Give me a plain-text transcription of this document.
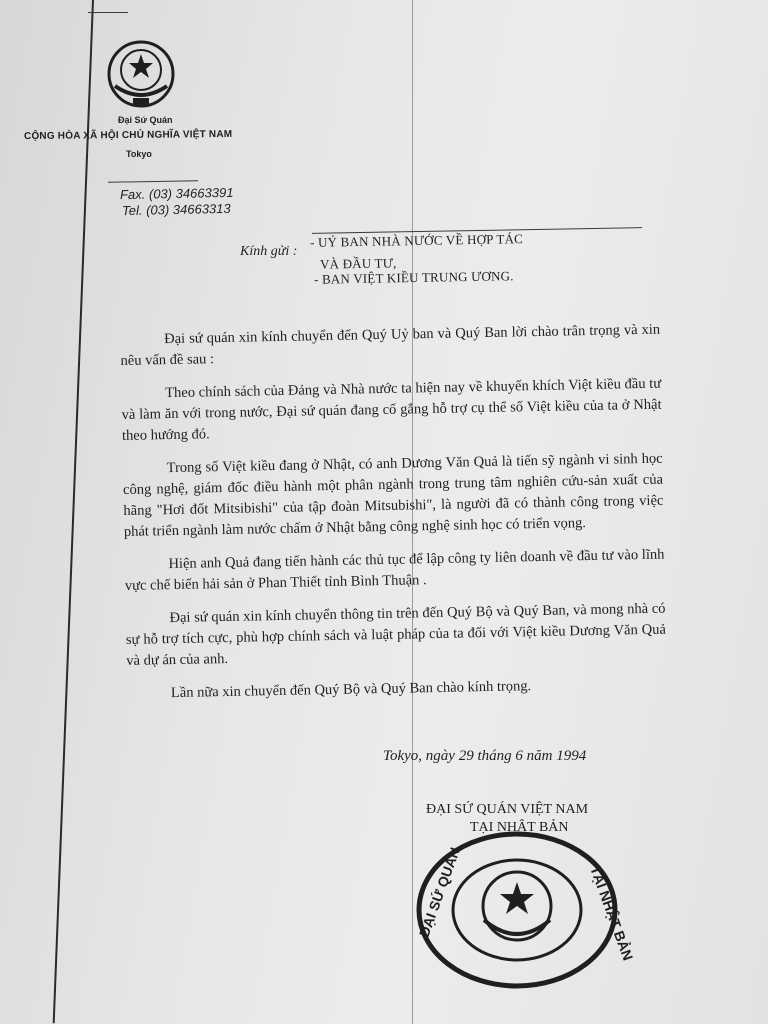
Đại Sứ Quán
CỘNG HÒA XÃ HỘI CHỦ NGHĨA VIỆT NAM
Tokyo
Fax. (03) 34663391
Tel. (03) 34663313
Kính gửi :
- UỶ BAN NHÀ NƯỚC VỀ HỢP TÁC
VÀ ĐẦU TƯ,
- BAN VIỆT KIỀU TRUNG ƯƠNG.

Đại sứ quán xin kính chuyển đến Quý Uỷ ban và Quý Ban lời chào trân trọng và xin nêu vấn đề sau :

Theo chính sách của Đảng và Nhà nước ta hiện nay về khuyến khích Việt kiều đầu tư và làm ăn với trong nước, Đại sứ quán đang cố gắng hỗ trợ cụ thể số Việt kiều của ta ở Nhật theo hướng đó.

Trong số Việt kiều đang ở Nhật, có anh Dương Văn Quả là tiến sỹ ngành vi sinh học công nghệ, giám đốc điều hành một phân ngành trong trung tâm nghiên cứu-sản xuất của hãng "Hơi đốt Mitsibishi" của tập đoàn Mitsubishi", là người đã có thành công trong việc phát triển ngành làm nước chấm ở Nhật bằng công nghệ sinh học có triển vọng.

Hiện anh Quả đang tiến hành các thủ tục để lập công ty liên doanh về đầu tư vào lĩnh vực chế biến hải sản ở Phan Thiết tỉnh Bình Thuận .

Đại sứ quán xin kính chuyển thông tin trên đến Quý Bộ và Quý Ban, và mong nhà có sự hỗ trợ tích cực, phù hợp chính sách và luật pháp của ta đối với Việt kiều Dương Văn Quả và dự án của anh.

Lần nữa xin chuyển đến Quý Bộ và Quý Ban chào kính trọng.

Tokyo, ngày 29 tháng 6 năm 1994
ĐẠI SỨ QUÁN VIỆT NAM
TẠI NHẬT BẢN
ĐẠI SỨ QUÁN	TẠI NHẬT BẢN
